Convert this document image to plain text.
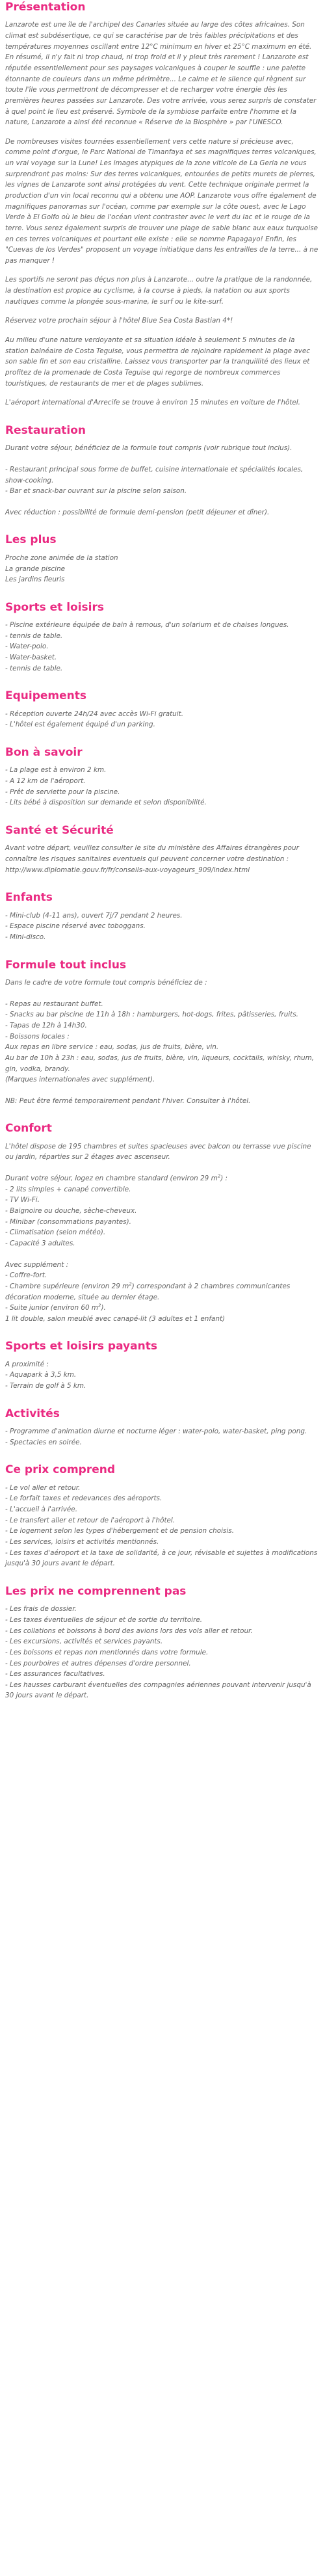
Présentation

Lanzarote est une île de l'archipel des Canaries située au large des côtes africaines. Son climat est subdésertique, ce qui se caractérise par de très faibles précipitations et des températures moyennes oscillant entre 12°C minimum en hiver et 25°C maximum en été. En résumé, il n'y fait ni trop chaud, ni trop froid et il y pleut très rarement ! Lanzarote est réputée essentiellement pour ses paysages volcaniques à couper le souffle : une palette étonnante de couleurs dans un même périmètre... Le calme et le silence qui règnent sur toute l'île vous permettront de décompresser et de recharger votre énergie dès les premières heures passées sur Lanzarote. Des votre arrivée, vous serez surpris de constater à quel point le lieu est préservé. Symbole de la symbiose parfaite entre l'homme et la nature, Lanzarote a ainsi été reconnue « Réserve de la Biosphère » par l'UNESCO.

De nombreuses visites tournées essentiellement vers cette nature si précieuse avec, comme point d'orgue, le Parc National de Timanfaya et ses magnifiques terres volcaniques, un vrai voyage sur la Lune! Les images atypiques de la zone viticole de La Geria ne vous surprendront pas moins: Sur des terres volcaniques, entourées de petits murets de pierres, les vignes de Lanzarote sont ainsi protégées du vent. Cette technique originale permet la production d'un vin local reconnu qui a obtenu une AOP. Lanzarote vous offre également de magnifiques panoramas sur l'océan, comme par exemple sur la côte ouest, avec le Lago Verde à El Golfo où le bleu de l'océan vient contraster avec le vert du lac et le rouge de la terre. Vous serez également surpris de trouver une plage de sable blanc aux eaux turquoise en ces terres volcaniques et pourtant elle existe : elle se nomme Papagayo! Enfin, les "Cuevas de los Verdes" proposent un voyage initiatique dans les entrailles de la terre... à ne pas manquer !

Les sportifs ne seront pas déçus non plus à Lanzarote... outre la pratique de la randonnée, la destination est propice au cyclisme, à la course à pieds, la natation ou aux sports nautiques comme la plongée sous-marine, le surf ou le kite-surf.

Réservez votre prochain séjour à l'hôtel Blue Sea Costa Bastian 4*!

Au milieu d'une nature verdoyante et sa situation idéale à seulement 5 minutes de la station balnéaire de Costa Teguise, vous permettra de rejoindre rapidement la plage avec son sable fin et son eau cristalline. Laissez vous transporter par la tranquillité des lieux et profitez de la promenade de Costa Teguise qui regorge de nombreux commerces touristiques, de restaurants de mer et de plages sublimes.

L'aéroport international d'Arrecife se trouve à environ 15 minutes en voiture de l'hôtel.

Restauration

Durant votre séjour, bénéficiez de la formule tout compris (voir rubrique tout inclus).

- Restaurant principal sous forme de buffet, cuisine internationale et spécialités locales, show-cooking.

- Bar et snack-bar ouvrant sur la piscine selon saison.

Avec réduction : possibilité de formule demi-pension (petit déjeuner et dîner).

Les plus

Proche zone animée de la station

La grande piscine

Les jardins fleuris

Sports et loisirs

- Piscine extérieure équipée de bain à remous, d'un solarium et de chaises longues.

- tennis de table.

- Water-polo.

- Water-basket.

- tennis de table.

Equipements

- Réception ouverte 24h/24 avec accès Wi-Fi gratuit.

- L'hôtel est également équipé d'un parking.

Bon à savoir

- La plage est à environ 2 km.

- A 12 km de l'aéroport.

- Prêt de serviette pour la piscine.

- Lits bébé à disposition sur demande et selon disponibilité.

Santé et Sécurité

Avant votre départ, veuillez consulter le site du ministère des Affaires étrangères pour connaître les risques sanitaires eventuels qui peuvent concerner votre destination : http://www.diplomatie.gouv.fr/fr/conseils-aux-voyageurs_909/index.html

Enfants

- Mini-club (4-11 ans), ouvert 7j/7 pendant 2 heures.

- Espace piscine réservé avec toboggans.

- Mini-disco.

Formule tout inclus

Dans le cadre de votre formule tout compris bénéficiez de :

- Repas au restaurant buffet.

- Snacks au bar piscine de 11h à 18h : hamburgers, hot-dogs, frites, pâtisseries, fruits.

- Tapas de 12h à 14h30.

- Boissons locales :

Aux repas en libre service : eau, sodas, jus de fruits, bière, vin.

Au bar de 10h à 23h : eau, sodas, jus de fruits, bière, vin, liqueurs, cocktails, whisky, rhum, gin, vodka, brandy.

(Marques internationales avec supplément).

NB: Peut être fermé temporairement pendant l'hiver. Consulter à l'hôtel.

Confort

L'hôtel dispose de 195 chambres et suites spacieuses avec balcon ou terrasse vue piscine ou jardin, réparties sur 2 étages avec ascenseur.

Durant votre séjour, logez en chambre standard (environ 29 $m^2$) :

- 2 lits simples + canapé convertible.

- TV Wi-Fi.

- Baignoire ou douche, sèche-cheveux.

- Minibar (consommations payantes).

- Climatisation (selon météo).

- Capacité 3 adultes.

Avec supplément :

- Coffre-fort.

- Chambre supérieure (environ 29 $m^2$) correspondant à 2 chambres communicantes

décoration moderne, située au dernier étage.

- Suite junior (environ 60 $m^2$).

1 lit double, salon meublé avec canapé-lit (3 adultes et 1 enfant)

Sports et loisirs payants

A proximité :

- Aquapark à 3,5 km.

- Terrain de golf à 5 km.

Activités

- Programme d'animation diurne et nocturne léger : water-polo, water-basket, ping pong.

- Spectacles en soirée.

Ce prix comprend

- Le vol aller et retour.

- Le forfait taxes et redevances des aéroports.

- L'accueil à l'arrivée.

- Le transfert aller et retour de l'aéroport à l'hôtel.

- Le logement selon les types d'hébergement et de pension choisis.

- Les services, loisirs et activités mentionnés.

- Les taxes d'aéroport et la taxe de solidarité, à ce jour, révisable et sujettes à modifications jusqu'à 30 jours avant le départ.

Les prix ne comprennent pas

- Les frais de dossier.

- Les taxes éventuelles de séjour et de sortie du territoire.

- Les collations et boissons à bord des avions lors des vols aller et retour.

- Les excursions, activités et services payants.

- Les boissons et repas non mentionnés dans votre formule.

- Les pourboires et autres dépenses d'ordre personnel.

- Les assurances facultatives.

- Les hausses carburant éventuelles des compagnies aériennes pouvant intervenir jusqu'à 30 jours avant le départ.
